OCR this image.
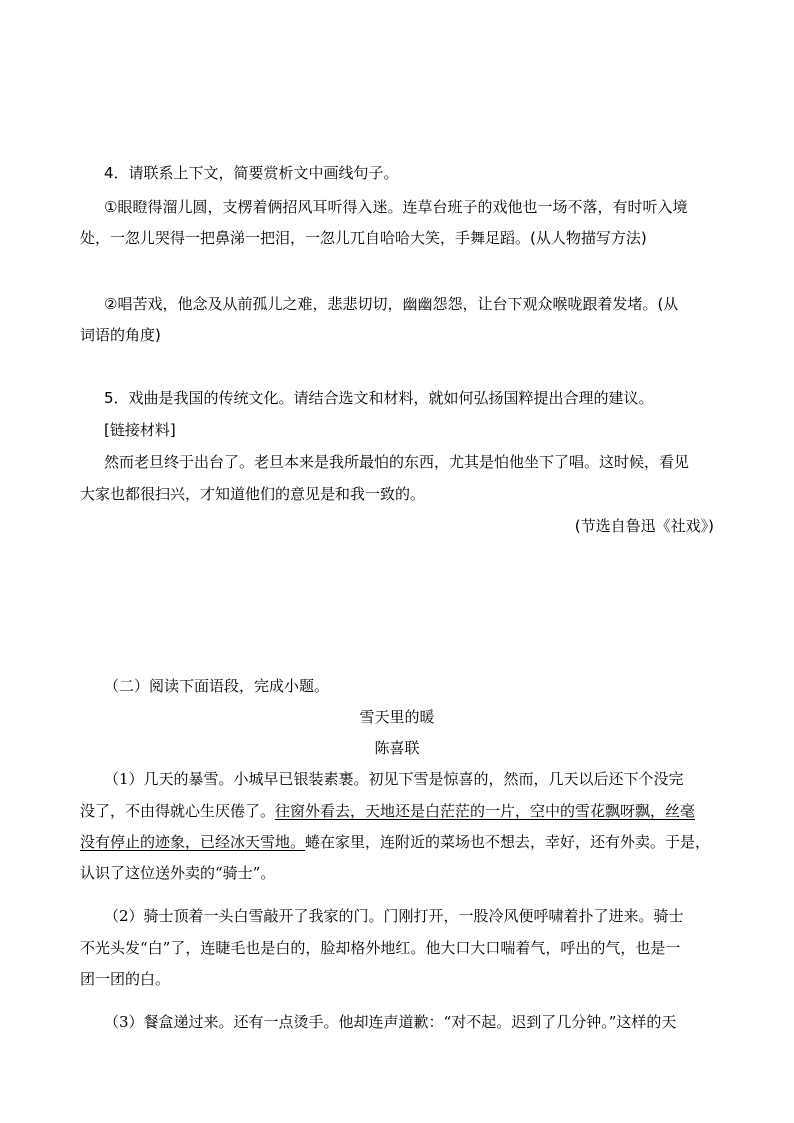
4．请联系上下文，简要赏析文中画线句子。
①眼瞪得溜儿圆，支楞着俩招风耳听得入迷。连草台班子的戏他也一场不落，有时听入境
处，一忽儿哭得一把鼻涕一把泪，一忽儿兀自哈哈大笑，手舞足蹈。(从人物描写方法)
②唱苦戏，他念及从前孤儿之难，悲悲切切，幽幽怨怨，让台下观众喉咙跟着发堵。(从
词语的角度)
5．戏曲是我国的传统文化。请结合选文和材料，就如何弘扬国粹提出合理的建议。
[链接材料]
然而老旦终于出台了。老旦本来是我所最怕的东西，尤其是怕他坐下了唱。这时候，看见
大家也都很扫兴，才知道他们的意见是和我一致的。
(节选自鲁迅《社戏》)
（二）阅读下面语段，完成小题。
雪天里的暖
陈喜联
（1）几天的暴雪。小城早已银装素裹。初见下雪是惊喜的，然而，几天以后还下个没完
没了，不由得就心生厌倦了。往窗外看去，天地还是白茫茫的一片，空中的雪花飘呀飘，丝毫
没有停止的迹象，已经冰天雪地。蜷在家里，连附近的菜场也不想去，幸好，还有外卖。于是，
认识了这位送外卖的“骑士”。
（2）骑士顶着一头白雪敲开了我家的门。门刚打开，一股冷风便呼啸着扑了进来。骑士
不光头发“白”了，连睫毛也是白的，脸却格外地红。他大口大口喘着气，呼出的气，也是一
团一团的白。
（3）餐盒递过来。还有一点烫手。他却连声道歉：“对不起。迟到了几分钟。”这样的天
